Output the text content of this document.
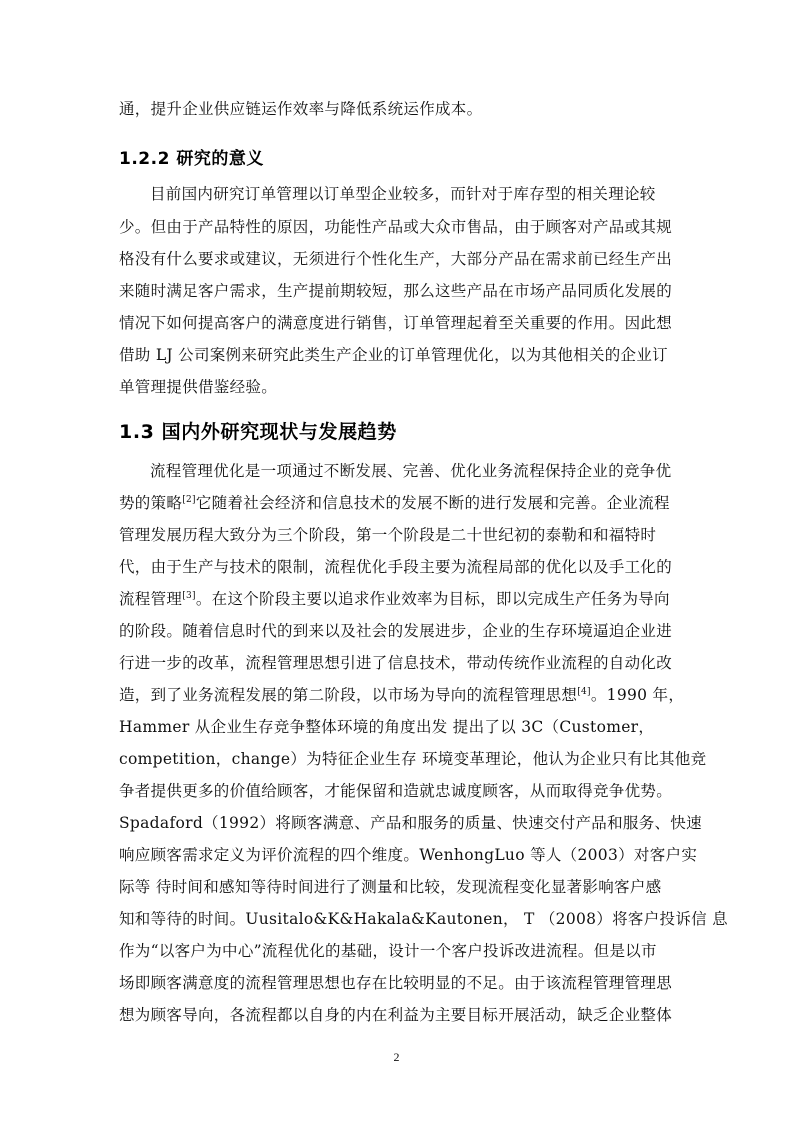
通，提升企业供应链运作效率与降低系统运作成本。
1.2.2 研究的意义
目前国内研究订单管理以订单型企业较多，而针对于库存型的相关理论较
少。但由于产品特性的原因，功能性产品或大众市售品，由于顾客对产品或其规
格没有什么要求或建议，无须进行个性化生产，大部分产品在需求前已经生产出
来随时满足客户需求，生产提前期较短，那么这些产品在市场产品同质化发展的
情况下如何提高客户的满意度进行销售，订单管理起着至关重要的作用。因此想
借助 LJ 公司案例来研究此类生产企业的订单管理优化，以为其他相关的企业订
单管理提供借鉴经验。
1.3 国内外研究现状与发展趋势
流程管理优化是一项通过不断发展、完善、优化业务流程保持企业的竞争优
势的策略[2]它随着社会经济和信息技术的发展不断的进行发展和完善。企业流程
管理发展历程大致分为三个阶段，第一个阶段是二十世纪初的泰勒和和福特时
代，由于生产与技术的限制，流程优化手段主要为流程局部的优化以及手工化的
流程管理[3]。在这个阶段主要以追求作业效率为目标，即以完成生产任务为导向
的阶段。随着信息时代的到来以及社会的发展进步，企业的生存环境逼迫企业进
行进一步的改革，流程管理思想引进了信息技术，带动传统作业流程的自动化改
造，到了业务流程发展的第二阶段，以市场为导向的流程管理思想[4]。1990 年，
Hammer 从企业生存竞争整体环境的角度出发 提出了以 3C（Customer，
competition，change）为特征企业生存 环境变革理论，他认为企业只有比其他竞
争者提供更多的价值给顾客，才能保留和造就忠诚度顾客，从而取得竞争优势。
Spadaford（1992）将顾客满意、产品和服务的质量、快速交付产品和服务、快速
响应顾客需求定义为评价流程的四个维度。WenhongLuo 等人（2003）对客户实
际等 待时间和感知等待时间进行了测量和比较，发现流程变化显著影响客户感
知和等待的时间。Uusitalo&K&Hakala&Kautonen， T （2008）将客户投诉信 息
作为“以客户为中心”流程优化的基础，设计一个客户投诉改进流程。但是以市
场即顾客满意度的流程管理思想也存在比较明显的不足。由于该流程管理管理思
想为顾客导向，各流程都以自身的内在利益为主要目标开展活动，缺乏企业整体
2
